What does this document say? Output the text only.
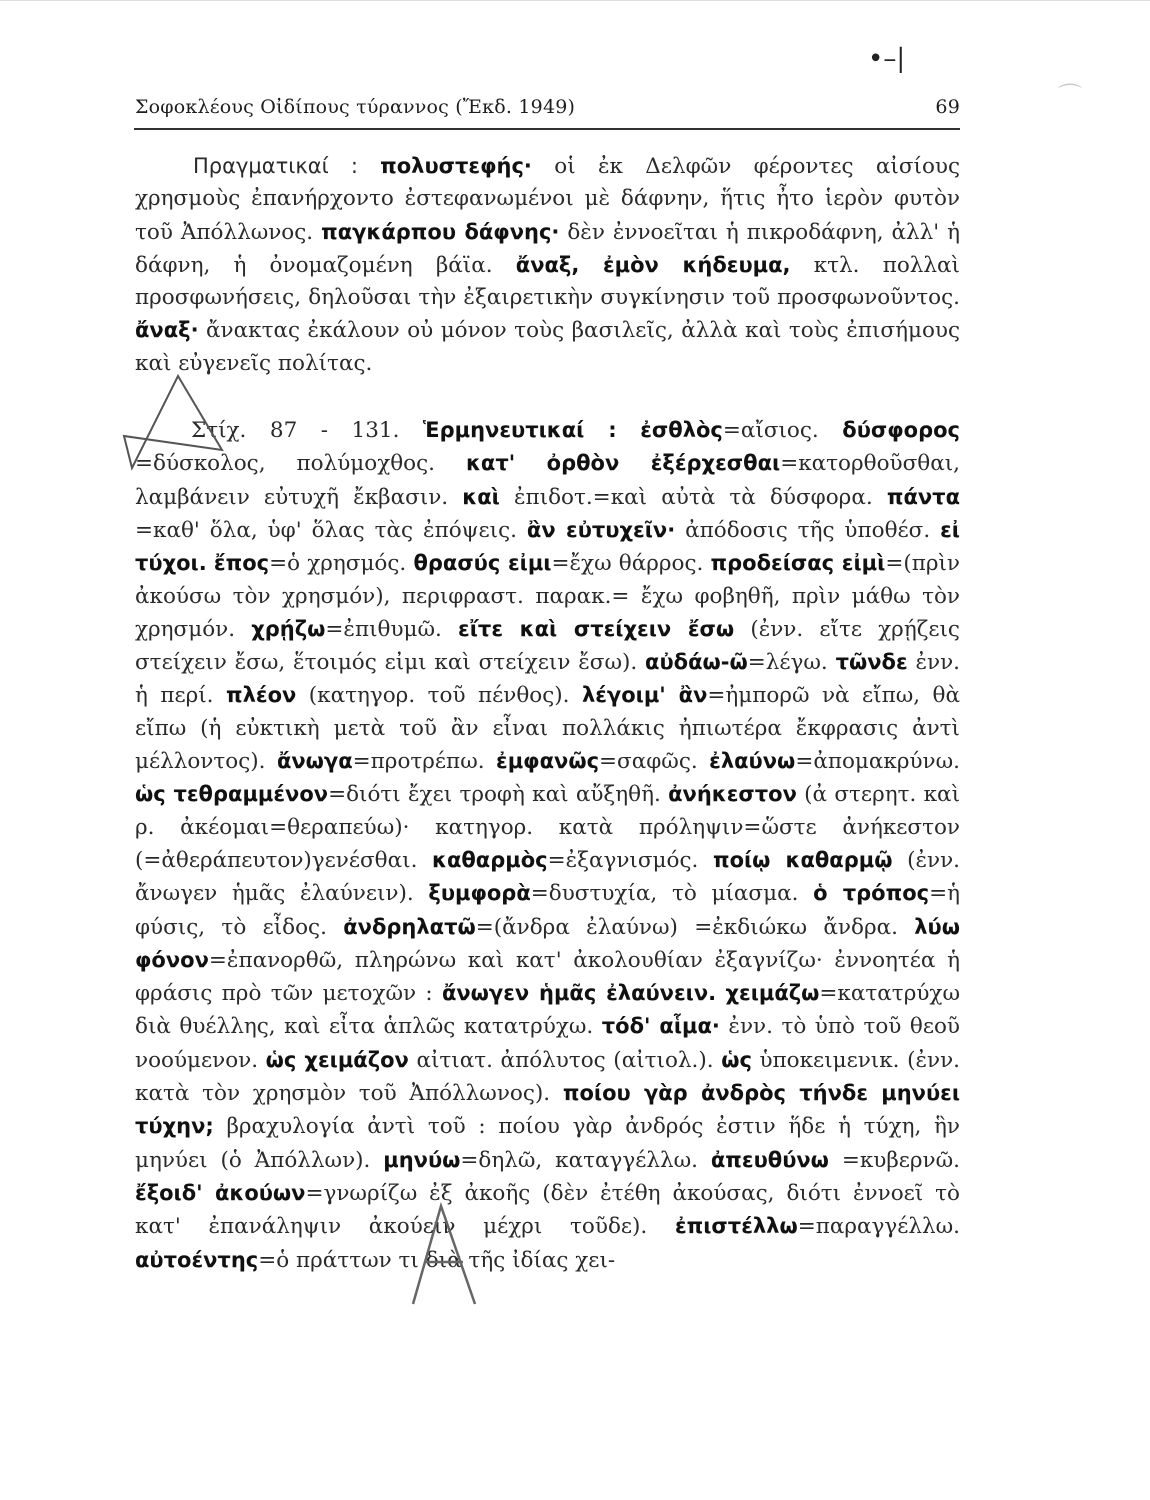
•–|
⌒
Σοφοκλέους Οἰδίπους τύραννος (Ἔκδ. 1949)	69

Πραγματικαί : πολυστεφής· οἱ ἐκ Δελφῶν φέροντες αἰσίους χρησμοὺς ἐπανήρχοντο ἐστεφανωμένοι μὲ δάφνην, ἥτις ἦτο ἱερὸν φυτὸν τοῦ Ἀπόλλωνος. παγκάρπου δάφνης· δὲν ἐννοεῖται ἡ πικροδάφνη, ἀλλ' ἡ δάφνη, ἡ ὀνομαζομένη βάϊα. ἄναξ, ἐμὸν κήδευμα, κτλ. πολλαὶ προσφωνήσεις, δηλοῦσαι τὴν ἐξαιρετικὴν συγκίνησιν τοῦ προσφωνοῦντος. ἄναξ· ἄνακτας ἐκάλουν οὐ μόνον τοὺς βασιλεῖς, ἀλλὰ καὶ τοὺς ἐπισήμους καὶ εὐγενεῖς πολίτας.

Στίχ. 87 - 131. Ἑρμηνευτικαί : ἐσθλὸς=αἴσιος. δύσφορος =δύσκολος, πολύμοχθος. κατ' ὀρθὸν ἐξέρχεσθαι=κατορθοῦσθαι, λαμβάνειν εὐτυχῆ ἔκβασιν. καὶ ἐπιδοτ.=καὶ αὐτὰ τὰ δύσφορα. πάντα =καθ' ὅλα, ὑφ' ὅλας τὰς ἐπόψεις. ἂν εὐτυχεῖν· ἀπόδοσις τῆς ὑποθέσ. εἰ τύχοι. ἔπος=ὁ χρησμός. θρασύς εἰμι=ἔχω θάρρος. προδείσας εἰμὶ=(πρὶν ἀκούσω τὸν χρησμόν), περιφραστ. παρακ.= ἔχω φοβηθῆ, πρὶν μάθω τὸν χρησμόν. χρῄζω=ἐπιθυμῶ. εἴτε καὶ στείχειν ἔσω (ἐνν. εἴτε χρῄζεις στείχειν ἔσω, ἕτοιμός εἰμι καὶ στείχειν ἔσω). αὐδάω-ῶ=λέγω. τῶνδε ἐνν. ἡ περί. πλέον (κατηγορ. τοῦ πένθος). λέγοιμ' ἂν=ἠμπορῶ νὰ εἴπω, θὰ εἴπω (ἡ εὐκτικὴ μετὰ τοῦ ἂν εἶναι πολλάκις ἠπιωτέρα ἔκφρασις ἀντὶ μέλλοντος). ἄνωγα=προτρέπω. ἐμφανῶς=σαφῶς. ἐλαύνω=ἀπομακρύνω. ὡς τεθραμμένον=διότι ἔχει τροφὴ καὶ αὔξηθῆ. ἀνήκεστον (ἀ στερητ. καὶ ρ. ἀκέομαι=θεραπεύω)· κατηγορ. κατὰ πρόληψιν=ὥστε ἀνήκεστον (=ἀθεράπευτον)γενέσθαι. καθαρμὸς=ἐξαγνισμός. ποίῳ καθαρμῷ (ἐνν. ἄνωγεν ἡμᾶς ἐλαύνειν). ξυμφορὰ=δυστυχία, τὸ μίασμα. ὁ τρόπος=ἡ φύσις, τὸ εἶδος. ἀνδρηλατῶ=(ἄνδρα ἐλαύνω) =ἐκδιώκω ἄνδρα. λύω φόνον=ἐπανορθῶ, πληρώνω καὶ κατ' ἀκολουθίαν ἐξαγνίζω· ἐννοητέα ἡ φράσις πρὸ τῶν μετοχῶν : ἄνωγεν ἡμᾶς ἐλαύνειν. χειμάζω=κατατρύχω διὰ θυέλλης, καὶ εἶτα ἁπλῶς κατατρύχω. τόδ' αἷμα· ἐνν. τὸ ὑπὸ τοῦ θεοῦ νοούμενον. ὡς χειμάζον αἰτιατ. ἀπόλυτος (αἰτιολ.). ὡς ὑποκειμενικ. (ἐνν. κατὰ τὸν χρησμὸν τοῦ Ἀπόλλωνος). ποίου γὰρ ἀνδρὸς τήνδε μηνύει τύχην; βραχυλογία ἀντὶ τοῦ : ποίου γὰρ ἀνδρός ἐστιν ἥδε ἡ τύχη, ἣν μηνύει (ὁ Ἀπόλλων). μηνύω=δηλῶ, καταγγέλλω. ἀπευθύνω =κυβερνῶ. ἔξοιδ' ἀκούων=γνωρίζω ἐξ ἀκοῆς (δὲν ἐτέθη ἀκούσας, διότι ἐννοεῖ τὸ κατ' ἐπανάληψιν ἀκούειν μέχρι τοῦδε). ἐπιστέλλω=παραγγέλλω. αὐτοέντης=ὁ πράττων τι διὰ τῆς ἰδίας χει-
